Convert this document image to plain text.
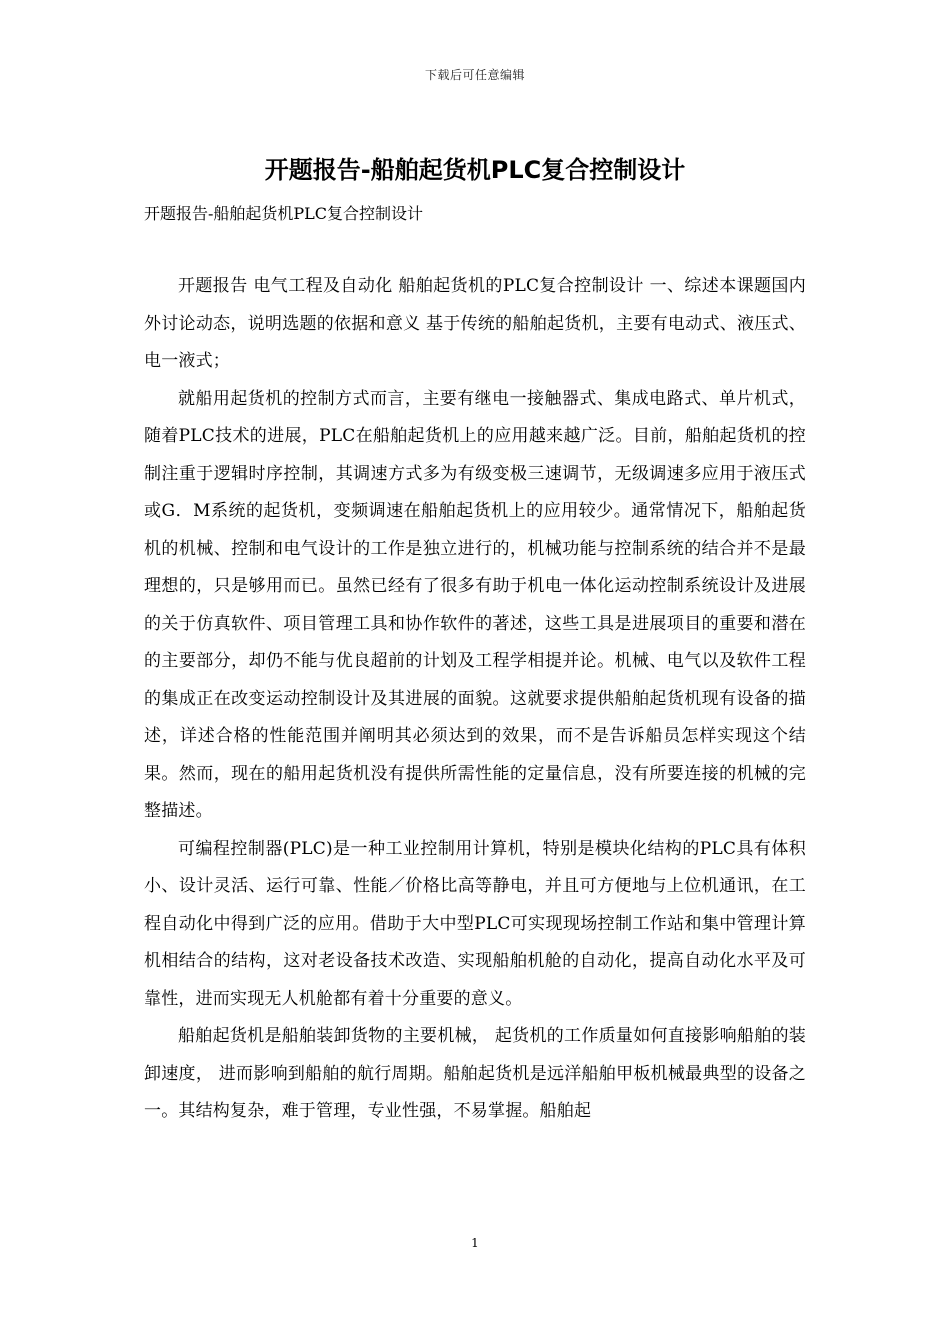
下载后可任意编辑
开题报告-船舶起货机PLC复合控制设计
开题报告-船舶起货机PLC复合控制设计

开题报告 电气工程及自动化 船舶起货机的PLC复合控制设计 一、综述本课题国内外讨论动态，说明选题的依据和意义 基于传统的船舶起货机，主要有电动式、液压式、电一液式；

就船用起货机的控制方式而言，主要有继电一接触器式、集成电路式、单片机式，随着PLC技术的进展，PLC在船舶起货机上的应用越来越广泛。目前，船舶起货机的控制注重于逻辑时序控制，其调速方式多为有级变极三速调节，无级调速多应用于液压式或G．M系统的起货机，变频调速在船舶起货机上的应用较少。通常情况下，船舶起货机的机械、控制和电气设计的工作是独立进行的，机械功能与控制系统的结合并不是最理想的，只是够用而已。虽然已经有了很多有助于机电一体化运动控制系统设计及进展的关于仿真软件、项目管理工具和协作软件的著述，这些工具是进展项目的重要和潜在的主要部分，却仍不能与优良超前的计划及工程学相提并论。机械、电气以及软件工程的集成正在改变运动控制设计及其进展的面貌。这就要求提供船舶起货机现有设备的描述，详述合格的性能范围并阐明其必须达到的效果，而不是告诉船员怎样实现这个结果。然而，现在的船用起货机没有提供所需性能的定量信息，没有所要连接的机械的完整描述。

可编程控制器(PLC)是一种工业控制用计算机，特别是模块化结构的PLC具有体积小、设计灵活、运行可靠、性能／价格比高等静电，并且可方便地与上位机通讯，在工程自动化中得到广泛的应用。借助于大中型PLC可实现现场控制工作站和集中管理计算机相结合的结构，这对老设备技术改造、实现船舶机舱的自动化，提高自动化水平及可靠性，进而实现无人机舱都有着十分重要的意义。

船舶起货机是船舶装卸货物的主要机械， 起货机的工作质量如何直接影响船舶的装卸速度， 进而影响到船舶的航行周期。船舶起货机是远洋船舶甲板机械最典型的设备之一。其结构复杂，难于管理，专业性强，不易掌握。船舶起

1
